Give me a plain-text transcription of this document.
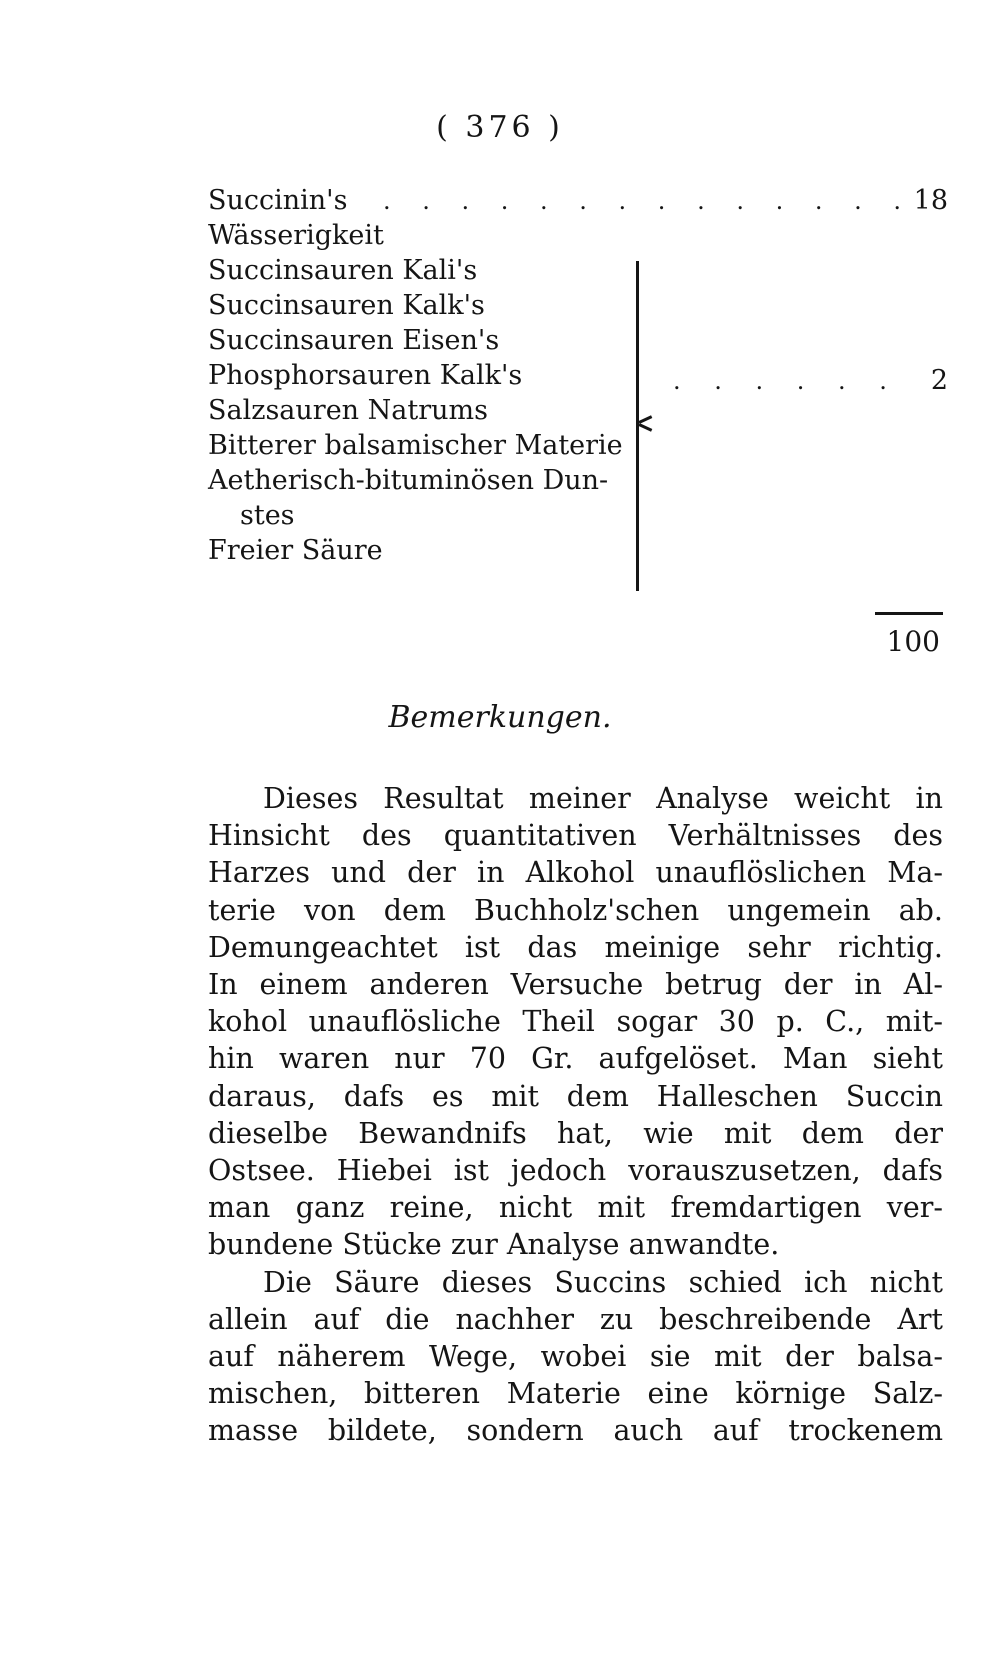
( 376 )
Succinin's . . . . . . . . . . . . . . 18
Wässerigkeit
Succinsauren Kali's
Succinsauren Kalk's
Succinsauren Eisen's
Phosphorsauren Kalk's
Salzsauren Natrums
Bitterer balsamischer Materie
Aetherisch-bituminösen Dun-
stes
Freier Säure
. . . . . .	2
100
Bemerkungen.
Dieses Resultat meiner Analyse weicht in
Hinsicht des quantitativen Verhältnisses des
Harzes und der in Alkohol unauflöslichen Ma-
terie von dem Buchholz'schen ungemein ab.
Demungeachtet ist das meinige sehr richtig.
In einem anderen Versuche betrug der in Al-
kohol unauflösliche Theil sogar 30 p. C., mit-
hin waren nur 70 Gr. aufgelöset. Man sieht
daraus, dafs es mit dem Halleschen Succin
dieselbe Bewandnifs hat, wie mit dem der
Ostsee. Hiebei ist jedoch vorauszusetzen, dafs
man ganz reine, nicht mit fremdartigen ver-
bundene Stücke zur Analyse anwandte.
Die Säure dieses Succins schied ich nicht
allein auf die nachher zu beschreibende Art
auf näherem Wege, wobei sie mit der balsa-
mischen, bitteren Materie eine körnige Salz-
masse bildete, sondern auch auf trockenem
